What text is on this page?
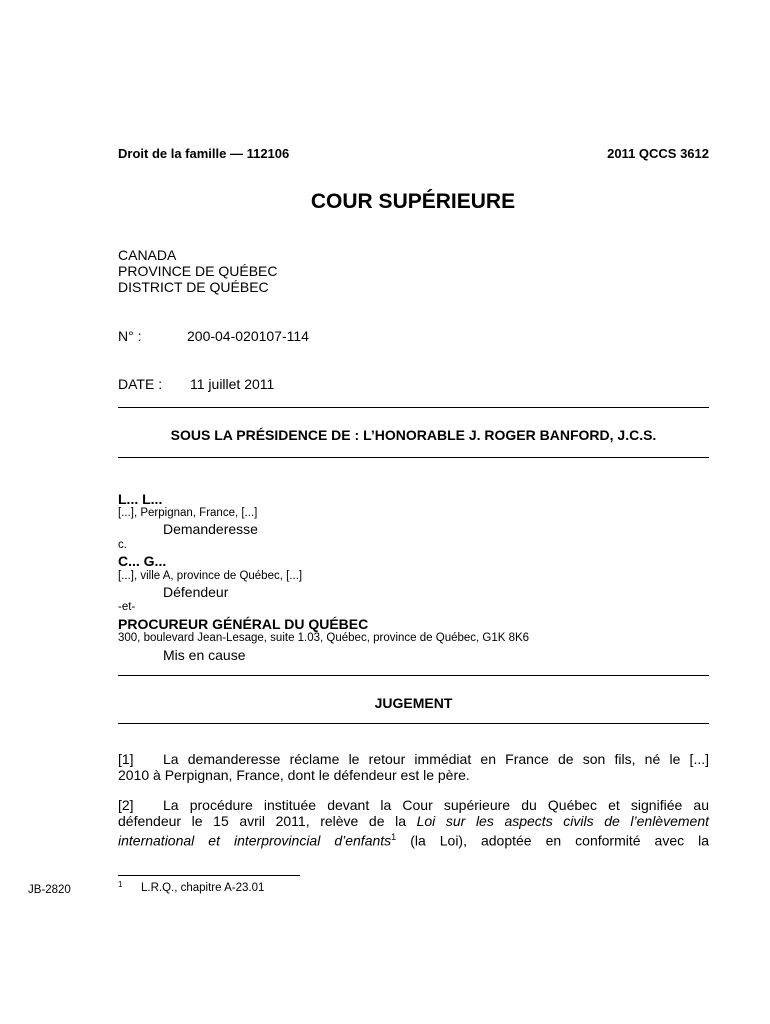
Droit de la famille — 112106	2011 QCCS 3612
COUR SUPÉRIEURE
CANADA
PROVINCE DE QUÉBEC
DISTRICT DE QUÉBEC
N° :	200-04-020107-114
DATE : 11 juillet 2011
SOUS LA PRÉSIDENCE DE : L’HONORABLE J. ROGER BANFORD, J.C.S.
L... L...
[...], Perpignan, France, [...]
Demanderesse
c.
C... G...
[...], ville A, province de Québec, [...]
Défendeur
-et-
PROCUREUR GÉNÉRAL DU QUÉBEC
300, boulevard Jean-Lesage, suite 1.03, Québec, province de Québec, G1K 8K6
Mis en cause
JUGEMENT
[1] La demanderesse réclame le retour immédiat en France de son fils, né le [...]
2010 à Perpignan, France, dont le défendeur est le père.
[2] La procédure instituée devant la Cour supérieure du Québec et signifiée au
défendeur le 15 avril 2011, relève de la Loi sur les aspects civils de l’enlèvement
international et interprovincial d’enfants$^1$ (la Loi), adoptée en conformité avec la
1 L.R.Q., chapitre A-23.01
JB-2820
